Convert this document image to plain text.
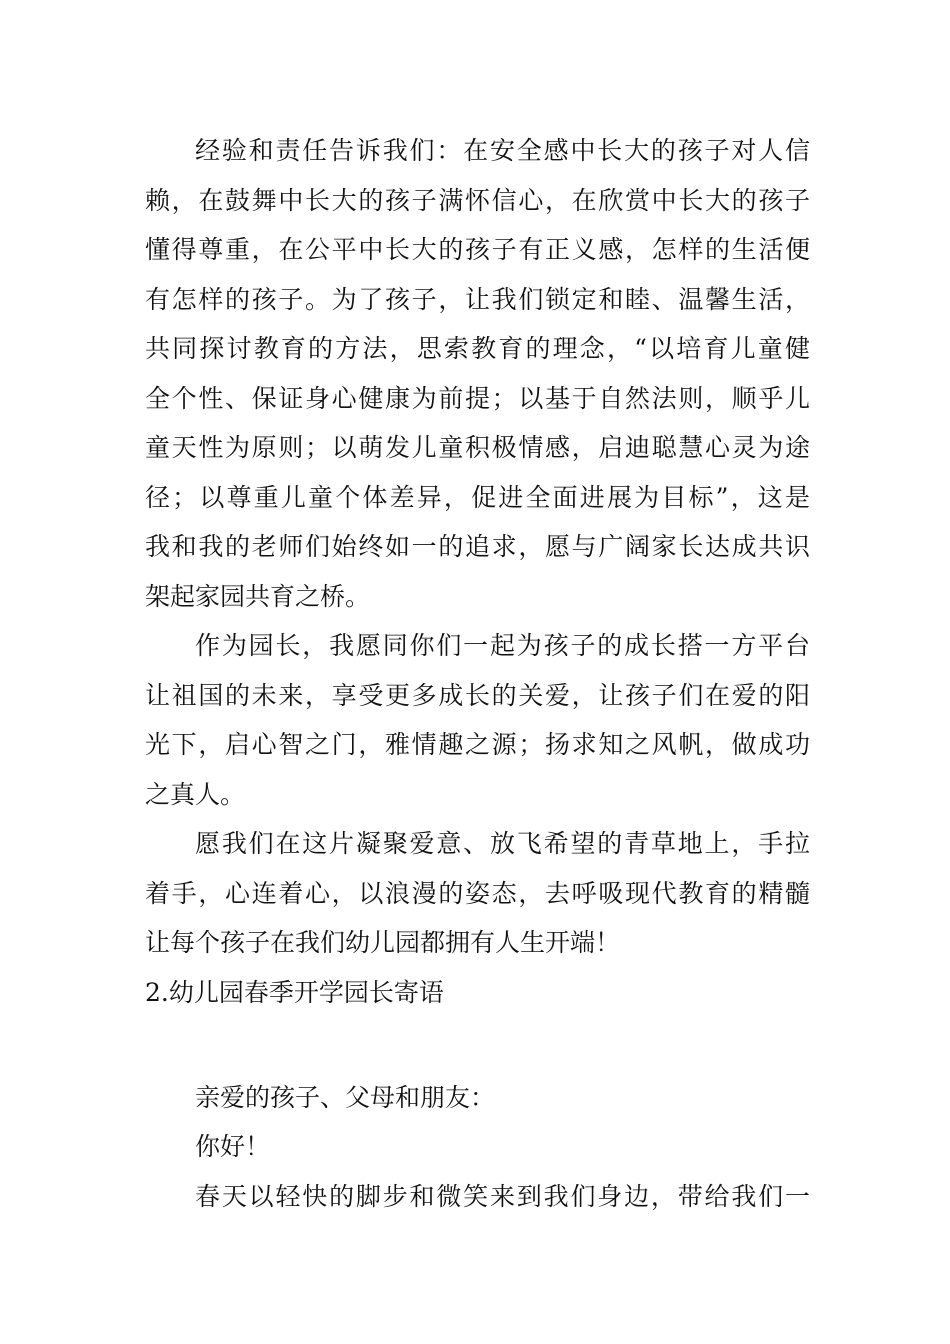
经验和责任告诉我们：在安全感中长大的孩子对人信
赖，在鼓舞中长大的孩子满怀信心，在欣赏中长大的孩子
懂得尊重，在公平中长大的孩子有正义感，怎样的生活便
有怎样的孩子。为了孩子，让我们锁定和睦、温馨生活，
共同探讨教育的方法，思索教育的理念，“以培育儿童健
全个性、保证身心健康为前提；以基于自然法则，顺乎儿
童天性为原则；以萌发儿童积极情感，启迪聪慧心灵为途
径；以尊重儿童个体差异，促进全面进展为目标”，这是
我和我的老师们始终如一的追求，愿与广阔家长达成共识
架起家园共育之桥。
作为园长，我愿同你们一起为孩子的成长搭一方平台
让祖国的未来，享受更多成长的关爱，让孩子们在爱的阳
光下，启心智之门，雅情趣之源；扬求知之风帆，做成功
之真人。
愿我们在这片凝聚爱意、放飞希望的青草地上，手拉
着手，心连着心，以浪漫的姿态，去呼吸现代教育的精髓
让每个孩子在我们幼儿园都拥有人生开端！
2.幼儿园春季开学园长寄语
亲爱的孩子、父母和朋友：
你好！
春天以轻快的脚步和微笑来到我们身边，带给我们一
